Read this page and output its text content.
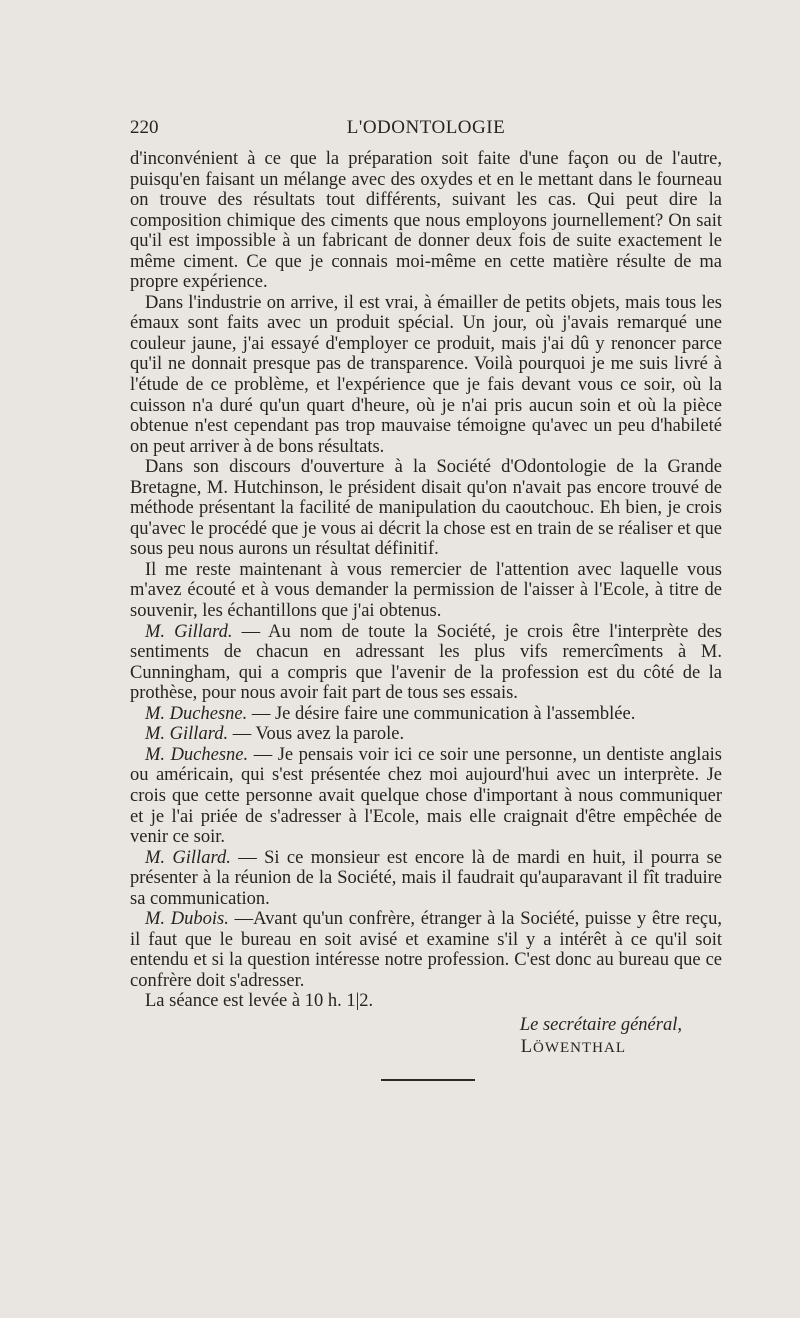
220	L'ODONTOLOGIE

d'inconvénient à ce que la préparation soit faite d'une façon ou de l'autre, puisqu'en faisant un mélange avec des oxydes et en le mettant dans le fourneau on trouve des résultats tout différents, suivant les cas. Qui peut dire la composition chimique des ciments que nous employons journellement? On sait qu'il est impossible à un fabricant de donner deux fois de suite exactement le même ciment. Ce que je connais moi-même en cette matière résulte de ma propre expérience.

Dans l'industrie on arrive, il est vrai, à émailler de petits objets, mais tous les émaux sont faits avec un produit spécial. Un jour, où j'avais remarqué une couleur jaune, j'ai essayé d'employer ce produit, mais j'ai dû y renoncer parce qu'il ne donnait presque pas de transparence. Voilà pourquoi je me suis livré à l'étude de ce problème, et l'expérience que je fais devant vous ce soir, où la cuisson n'a duré qu'un quart d'heure, où je n'ai pris aucun soin et où la pièce obtenue n'est cependant pas trop mauvaise témoigne qu'avec un peu d'habileté on peut arriver à de bons résultats.

Dans son discours d'ouverture à la Société d'Odontologie de la Grande Bretagne, M. Hutchinson, le président disait qu'on n'avait pas encore trouvé de méthode présentant la facilité de manipulation du caoutchouc. Eh bien, je crois qu'avec le procédé que je vous ai décrit la chose est en train de se réaliser et que sous peu nous aurons un résultat définitif.

Il me reste maintenant à vous remercier de l'attention avec laquelle vous m'avez écouté et à vous demander la permission de l'aisser à l'Ecole, à titre de souvenir, les échantillons que j'ai obtenus.

M. Gillard. — Au nom de toute la Société, je crois être l'interprète des sentiments de chacun en adressant les plus vifs remercîments à M. Cunningham, qui a compris que l'avenir de la profession est du côté de la prothèse, pour nous avoir fait part de tous ses essais.

M. Duchesne. — Je désire faire une communication à l'assemblée.

M. Gillard. — Vous avez la parole.

M. Duchesne. — Je pensais voir ici ce soir une personne, un dentiste anglais ou américain, qui s'est présentée chez moi aujourd'hui avec un interprète. Je crois que cette personne avait quelque chose d'important à nous communiquer et je l'ai priée de s'adresser à l'Ecole, mais elle craignait d'être empêchée de venir ce soir.

M. Gillard. — Si ce monsieur est encore là de mardi en huit, il pourra se présenter à la réunion de la Société, mais il faudrait qu'auparavant il fît traduire sa communication.

M. Dubois. —Avant qu'un confrère, étranger à la Société, puisse y être reçu, il faut que le bureau en soit avisé et examine s'il y a intérêt à ce qu'il soit entendu et si la question intéresse notre profession. C'est donc au bureau que ce confrère doit s'adresser.

La séance est levée à 10 h. 1|2.

Le secrétaire général,
LÖWENTHAL
